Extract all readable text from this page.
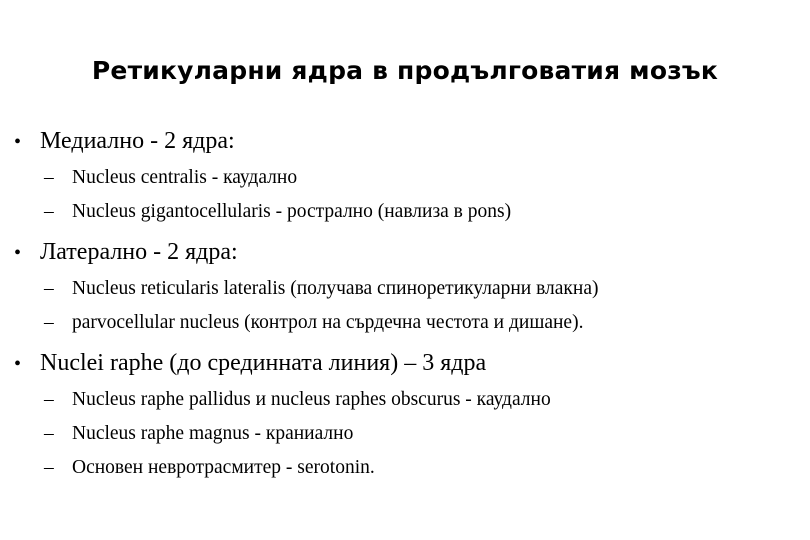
Ретикуларни ядра в продълговатия мозък
• Медиално - 2 ядра:
– Nucleus centralis - каудално
– Nucleus gigantocellularis - рострално (навлиза в pons)
• Латерално - 2 ядра:
– Nucleus reticularis lateralis (получава спиноретикуларни влакна)
– parvocellular nucleus (контрол на сърдечна честота и дишане).
• Nuclei raphe (до срединната линия) – 3 ядра
– Nucleus raphe pallidus и nucleus raphes obscurus - каудално
– Nucleus raphe magnus - краниално
– Основен невротрасмитер - serotonin.
